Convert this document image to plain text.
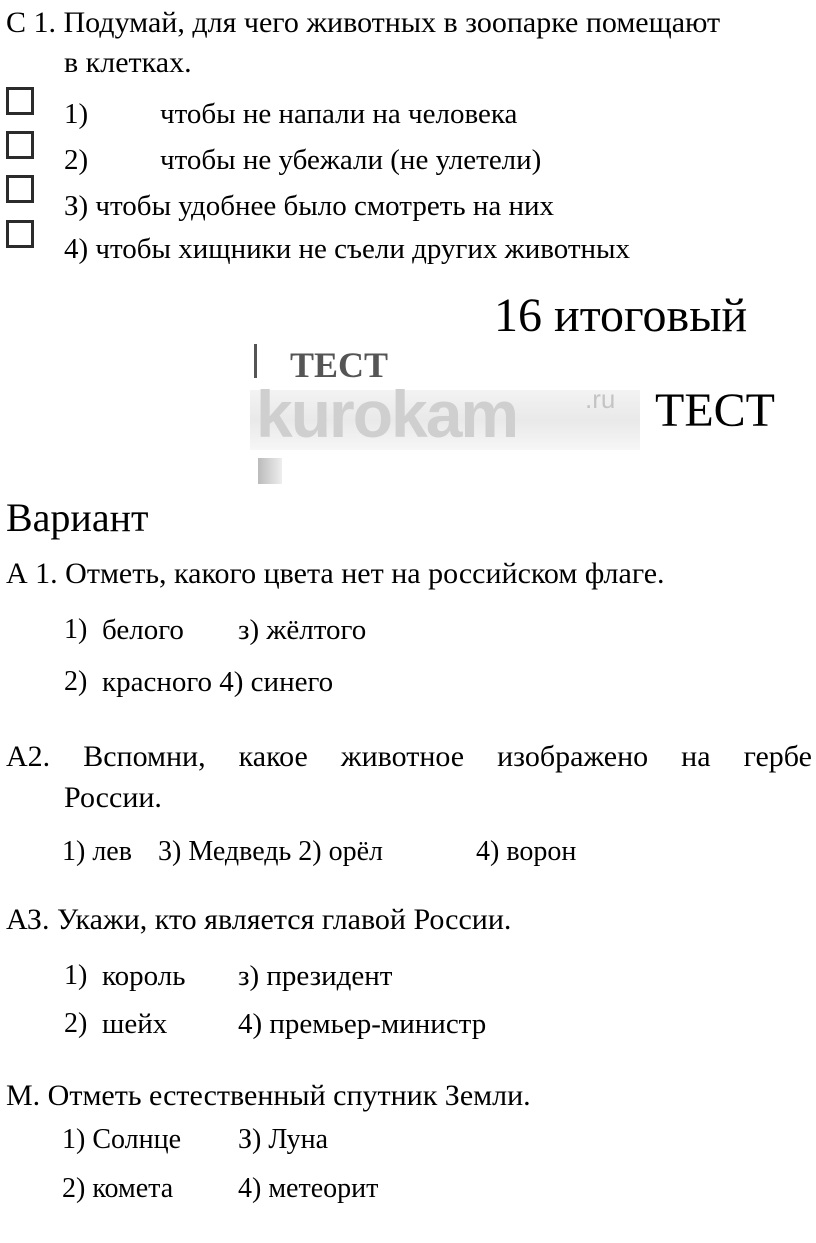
С 1. Подумай, для чего животных в зоопарке помещают
в клетках.
1) чтобы не напали на человека
2) чтобы не убежали (не улетели)
З) чтобы удобнее было смотреть на них
4) чтобы хищники не съели других животных
16 итоговый
ТЕСТ
ТЕСТ
kurokam	.ru
Вариант
А 1. Отметь, какого цвета нет на российском флаге.
1) белого з) жёлтого
2) красного 4) синего
А2. Вспомни, какое животное изображено на гербе
России.
1) лев 3) Медведь 2) орёл	4) ворон
АЗ. Укажи, кто является главой России.
1) король з) президент
2) шейх 4) премьер-министр
М. Отметь естественный спутник Земли.
1) Солнце З) Луна
2) комета 4) метеорит
